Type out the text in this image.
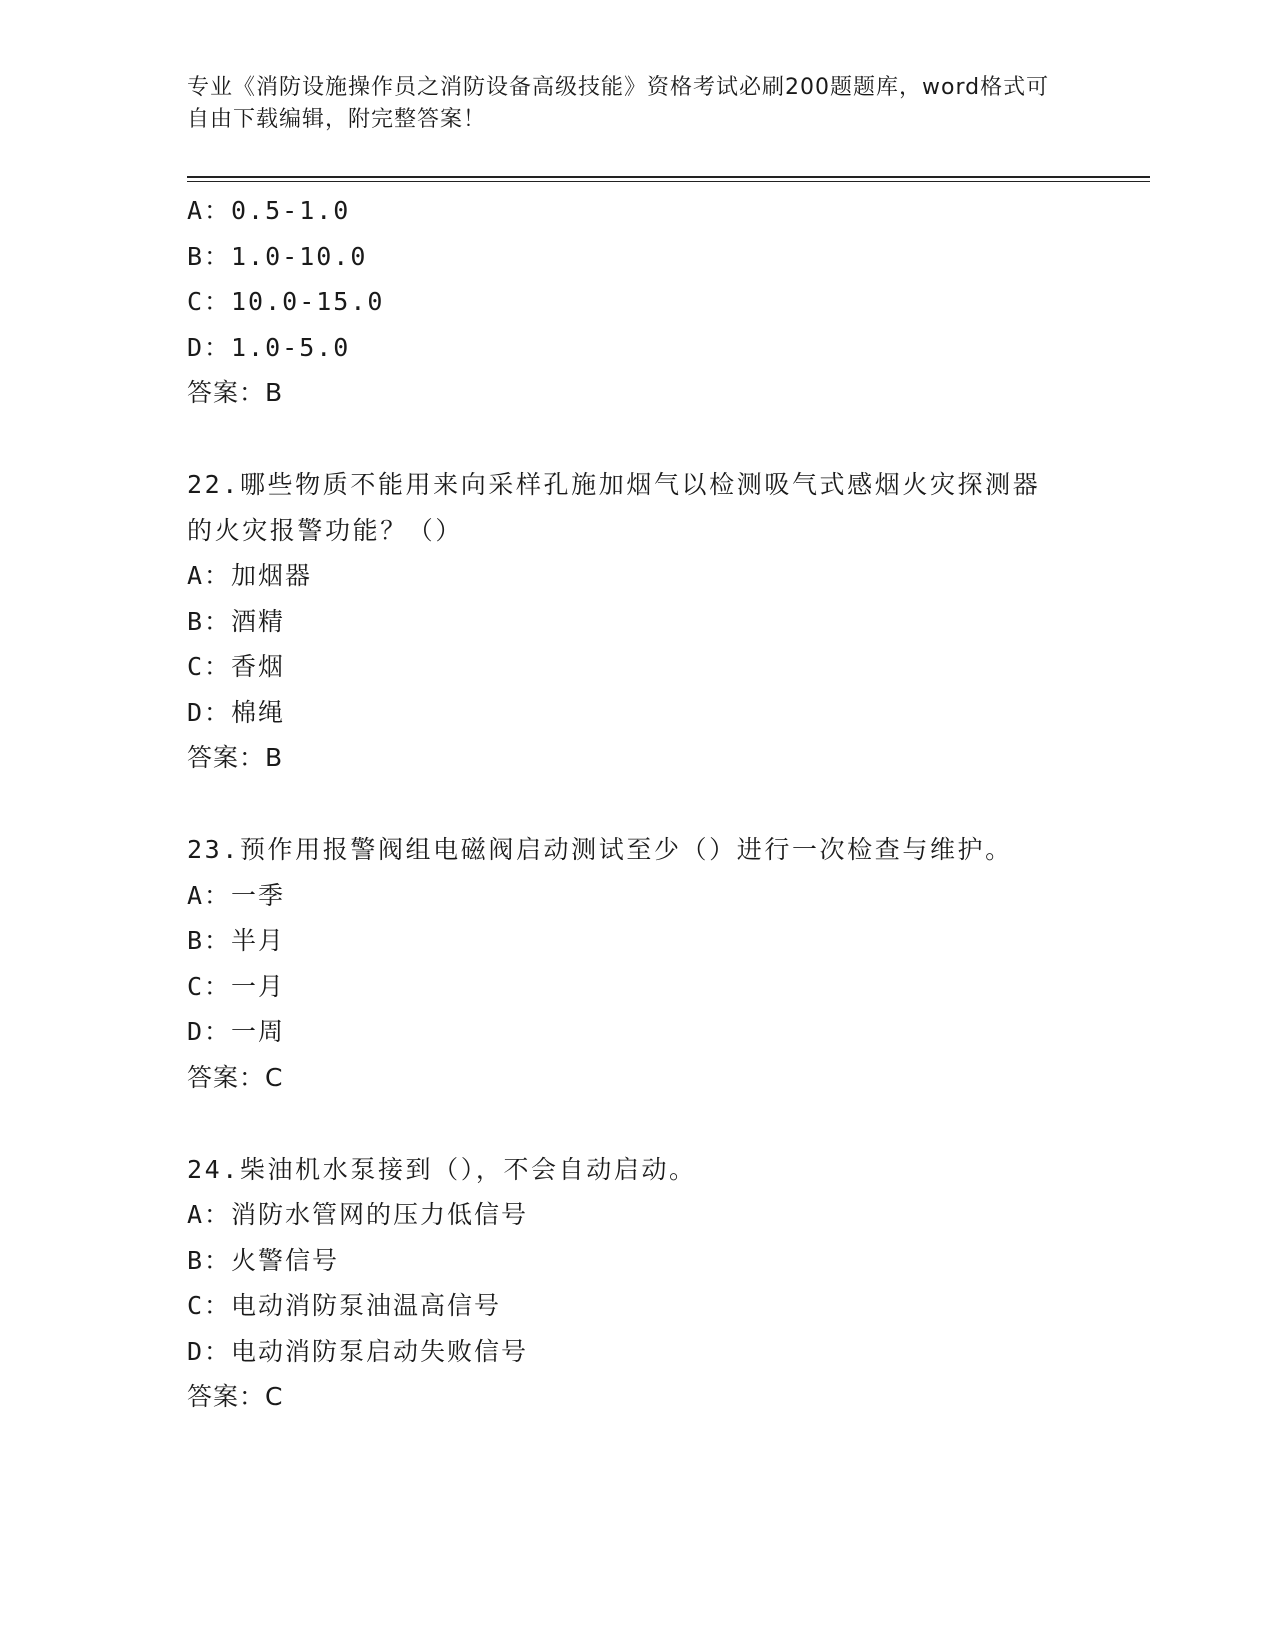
专业《消防设施操作员之消防设备高级技能》资格考试必刷200题题库，word格式可自由下载编辑，附完整答案！
A：0.5-1.0
B：1.0-10.0
C：10.0-15.0
D：1.0-5.0
答案：B
22.哪些物质不能用来向采样孔施加烟气以检测吸气式感烟火灾探测器的火灾报警功能？（）
A：加烟器
B：酒精
C：香烟
D：棉绳
答案：B
23.预作用报警阀组电磁阀启动测试至少（）进行一次检查与维护。
A：一季
B：半月
C：一月
D：一周
答案：C
24.柴油机水泵接到（），不会自动启动。
A：消防水管网的压力低信号
B：火警信号
C：电动消防泵油温高信号
D：电动消防泵启动失败信号
答案：C
